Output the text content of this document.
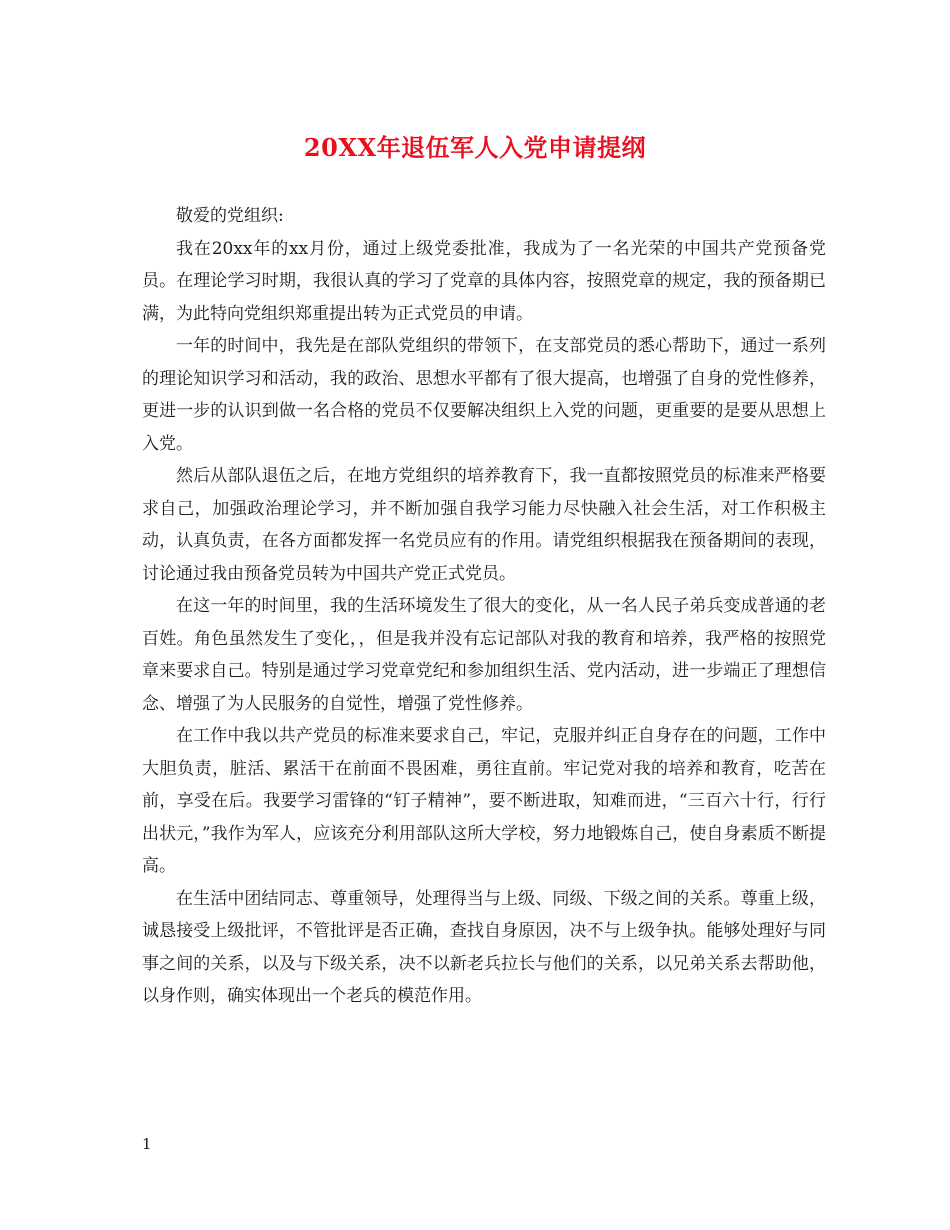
20XX年退伍军人入党申请提纲

敬爱的党组织:

我在20xx年的xx月份，通过上级党委批准，我成为了一名光荣的中国共产党预备党员。在理论学习时期，我很认真的学习了党章的具体内容，按照党章的规定，我的预备期已满，为此特向党组织郑重提出转为正式党员的申请。

一年的时间中，我先是在部队党组织的带领下，在支部党员的悉心帮助下，通过一系列的理论知识学习和活动，我的政治、思想水平都有了很大提高，也增强了自身的党性修养，更进一步的认识到做一名合格的党员不仅要解决组织上入党的问题，更重要的是要从思想上入党。

然后从部队退伍之后，在地方党组织的培养教育下，我一直都按照党员的标准来严格要求自己，加强政治理论学习，并不断加强自我学习能力尽快融入社会生活，对工作积极主动，认真负责，在各方面都发挥一名党员应有的作用。请党组织根据我在预备期间的表现，讨论通过我由预备党员转为中国共产党正式党员。

在这一年的时间里，我的生活环境发生了很大的变化，从一名人民子弟兵变成普通的老百姓。角色虽然发生了变化，，但是我并没有忘记部队对我的教育和培养，我严格的按照党章来要求自己。特别是通过学习党章党纪和参加组织生活、党内活动，进一步端正了理想信念、增强了为人民服务的自觉性，增强了党性修养。

在工作中我以共产党员的标准来要求自己，牢记，克服并纠正自身存在的问题，工作中大胆负责，脏活、累活干在前面不畏困难，勇往直前。牢记党对我的培养和教育，吃苦在前，享受在后。我要学习雷锋的“钉子精神”，要不断进取，知难而进，“三百六十行，行行出状元，”我作为军人，应该充分利用部队这所大学校，努力地锻炼自己，使自身素质不断提高。

在生活中团结同志、尊重领导，处理得当与上级、同级、下级之间的关系。尊重上级，诚恳接受上级批评，不管批评是否正确，查找自身原因，决不与上级争执。能够处理好与同事之间的关系，以及与下级关系，决不以新老兵拉长与他们的关系，以兄弟关系去帮助他，以身作则，确实体现出一个老兵的模范作用。

1
